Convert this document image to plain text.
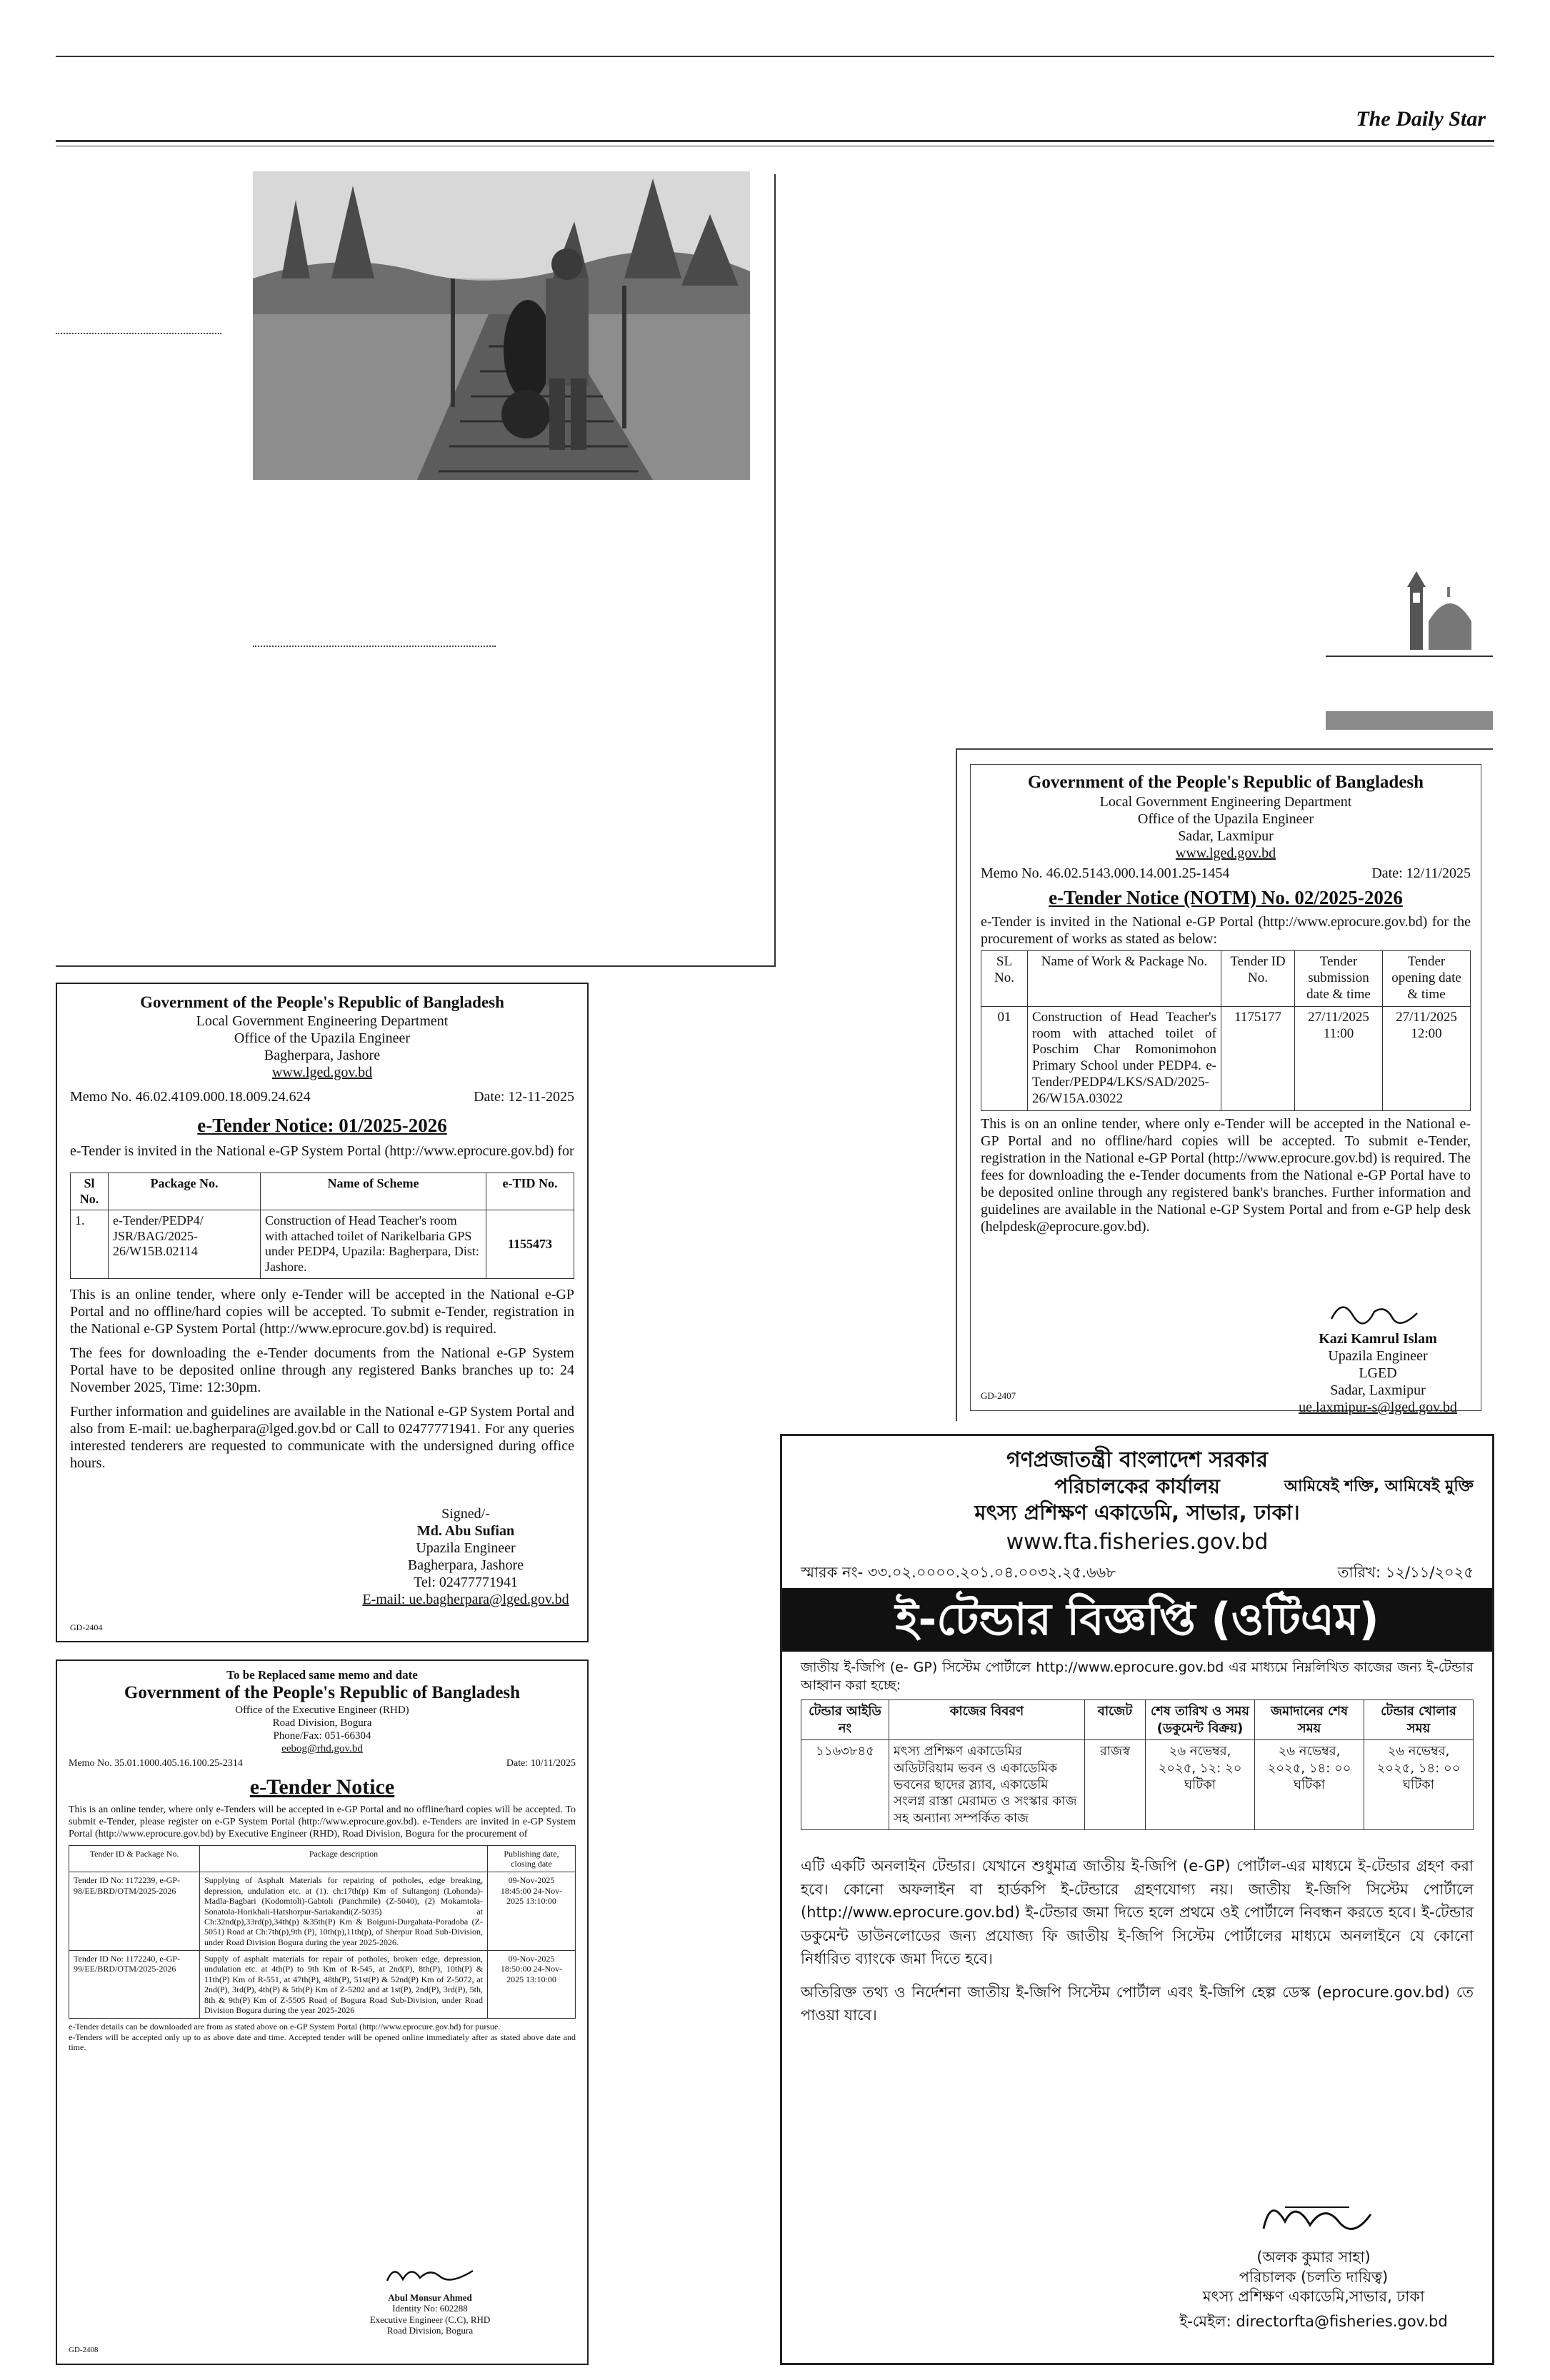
The Daily Star
Government of the People's Republic of Bangladesh
Local Government Engineering Department
Office of the Upazila Engineer
Sadar, Laxmipur
www.lged.gov.bd
Memo No. 46.02.5143.000.14.001.25-1454	Date: 12/11/2025
e-Tender Notice (NOTM) No. 02/2025-2026

e-Tender is invited in the National e-GP Portal (http://www.eprocure.gov.bd) for the procurement of works as stated as below:

SL No.	Name of Work & Package No.	Tender ID No.	Tender submission date & time	Tender opening date & time
01	Construction of Head Teacher's room with attached toilet of Poschim Char Romonimohon Primary School under PEDP4. e-Tender/PEDP4/LKS/SAD/2025-26/W15A.03022	1175177	27/11/2025 11:00	27/11/2025 12:00

This is on an online tender, where only e-Tender will be accepted in the National e-GP Portal and no offline/hard copies will be accepted. To submit e-Tender, registration in the National e-GP Portal (http://www.eprocure.gov.bd) is required. The fees for downloading the e-Tender documents from the National e-GP Portal have to be deposited online through any registered bank's branches. Further information and guidelines are available in the National e-GP System Portal and from e-GP help desk (helpdesk@eprocure.gov.bd).

Kazi Kamrul Islam
Upazila Engineer
LGED
Sadar, Laxmipur
ue.laxmipur-s@lged.gov.bd
GD-2407
Government of the People's Republic of Bangladesh
Local Government Engineering Department
Office of the Upazila Engineer
Bagherpara, Jashore
www.lged.gov.bd
Memo No. 46.02.4109.000.18.009.24.624	Date: 12-11-2025
e-Tender Notice: 01/2025-2026

e-Tender is invited in the National e-GP System Portal (http://www.eprocure.gov.bd) for

Sl No.	Package No.	Name of Scheme	e-TID No.
1.	e-Tender/PEDP4/ JSR/BAG/2025-26/W15B.02114	Construction of Head Teacher's room with attached toilet of Narikelbaria GPS under PEDP4, Upazila: Bagherpara, Dist: Jashore.	1155473

This is an online tender, where only e-Tender will be accepted in the National e-GP Portal and no offline/hard copies will be accepted. To submit e-Tender, registration in the National e-GP System Portal (http://www.eprocure.gov.bd) is required.

The fees for downloading the e-Tender documents from the National e-GP System Portal have to be deposited online through any registered Banks branches up to: 24 November 2025, Time: 12:30pm.

Further information and guidelines are available in the National e-GP System Portal and also from E-mail: ue.bagherpara@lged.gov.bd or Call to 02477771941. For any queries interested tenderers are requested to communicate with the undersigned during office hours.

Signed/-
Md. Abu Sufian
Upazila Engineer
Bagherpara, Jashore
Tel: 02477771941
E-mail: ue.bagherpara@lged.gov.bd
GD-2404
To be Replaced same memo and date
Government of the People's Republic of Bangladesh
Office of the Executive Engineer (RHD)
Road Division, Bogura
Phone/Fax: 051-66304
eebog@rhd.gov.bd
Memo No. 35.01.1000.405.16.100.25-2314	Date: 10/11/2025
e-Tender Notice

This is an online tender, where only e-Tenders will be accepted in e-GP Portal and no offline/hard copies will be accepted. To submit e-Tender, please register on e-GP System Portal (http://www.eprocure.gov.bd). e-Tenders are invited in e-GP System Portal (http://www.eprocure.gov.bd) by Executive Engineer (RHD), Road Division, Bogura for the procurement of

Tender ID & Package No.	Package description	Publishing date, closing date
Tender ID No: 1172239, e-GP-98/EE/BRD/OTM/2025-2026	Supplying of Asphalt Materials for repairing of potholes, edge breaking, depression, undulation etc. at (1). ch:17th(p) Km of Sultangonj (Lohonda)-Madla-Bagbari (Kodomtoli)-Gabtoli (Panchmile) (Z-5040), (2) Mokamtola-Sonatola-Horikhali-Hatshorpur-Sariakandi(Z-5035) at Ch:32nd(p),33rd(p),34th(p) &35th(P) Km & Boiguni-Durgahata-Poradoba (Z-5051) Road at Ch:7th(p),9th (P), 10th(p),11th(p), of Sherpur Road Sub-Division, under Road Division Bogura during the year 2025-2026.	09-Nov-2025 18:45:00 24-Nov-2025 13:10:00
Tender ID No: 1172240, e-GP-99/EE/BRD/OTM/2025-2026	Supply of asphalt materials for repair of potholes, broken edge, depression, undulation etc. at 4th(P) to 9th Km of R-545, at 2nd(P), 8th(P), 10th(P) & 11th(P) Km of R-551, at 47th(P), 48th(P), 51st(P) & 52nd(P) Km of Z-5072, at 2nd(P), 3rd(P), 4th(P) & 5th(P) Km of Z-5202 and at 1st(P), 2nd(P), 3rd(P), 5th, 8th & 9th(P) Km of Z-5505 Road of Bogura Road Sub-Division, under Road Division Bogura during the year 2025-2026	09-Nov-2025 18:50:00 24-Nov-2025 13:10:00

e-Tender details can be downloaded are from as stated above on e-GP System Portal (http://www.eprocure.gov.bd) for pursue.

e-Tenders will be accepted only up to as above date and time. Accepted tender will be opened online immediately after as stated above date and time.

Abul Monsur Ahmed
Identity No: 602288
Executive Engineer (C.C), RHD
Road Division, Bogura
GD-2408
গণপ্রজাতন্ত্রী বাংলাদেশ সরকার
পরিচালকের কার্যালয়	আমিষেই শক্তি, আমিষেই মুক্তি
মৎস্য প্রশিক্ষণ একাডেমি, সাভার, ঢাকা।
www.fta.fisheries.gov.bd
স্মারক নং- ৩৩.০২.০০০০.২০১.০৪.০০৩২.২৫.৬৬৮	তারিখ: ১২/১১/২০২৫
ই-টেন্ডার বিজ্ঞপ্তি (ওটিএম)

জাতীয় ই-জিপি (e- GP) সিস্টেম পোর্টালে http://www.eprocure.gov.bd এর মাধ্যমে নিম্নলিখিত কাজের জন্য ই-টেন্ডার আহ্বান করা হচ্ছে:

টেন্ডার আইডি নং	কাজের বিবরণ	বাজেট	শেষ তারিখ ও সময় (ডকুমেন্ট বিক্রয়)	জমাদানের শেষ সময়	টেন্ডার খোলার সময়
১১৬৩৮৪৫	মৎস্য প্রশিক্ষণ একাডেমির অডিটরিয়াম ভবন ও একাডেমিক ভবনের ছাদের স্ল্যাব, একাডেমি সংলগ্ন রাস্তা মেরামত ও সংস্কার কাজ সহ অন্যান্য সম্পর্কিত কাজ	রাজস্ব	২৬ নভেম্বর, ২০২৫, ১২: ২০ ঘটিকা	২৬ নভেম্বর, ২০২৫, ১৪: ০০ ঘটিকা	২৬ নভেম্বর, ২০২৫, ১৪: ০০ ঘটিকা

এটি একটি অনলাইন টেন্ডার। যেখানে শুধুমাত্র জাতীয় ই-জিপি (e-GP) পোর্টাল-এর মাধ্যমে ই-টেন্ডার গ্রহণ করা হবে। কোনো অফলাইন বা হার্ডকপি ই-টেন্ডারে গ্রহণযোগ্য নয়। জাতীয় ই-জিপি সিস্টেম পোর্টালে (http://www.eprocure.gov.bd) ই-টেন্ডার জমা দিতে হলে প্রথমে ওই পোর্টালে নিবন্ধন করতে হবে। ই-টেন্ডার ডকুমেন্ট ডাউনলোডের জন্য প্রযোজ্য ফি জাতীয় ই-জিপি সিস্টেম পোর্টালের মাধ্যমে অনলাইনে যে কোনো নির্ধারিত ব্যাংকে জমা দিতে হবে।

অতিরিক্ত তথ্য ও নির্দেশনা জাতীয় ই-জিপি সিস্টেম পোর্টাল এবং ই-জিপি হেল্প ডেস্ক (eprocure.gov.bd) তে পাওয়া যাবে।

(অলক কুমার সাহা)
পরিচালক (চলতি দায়িত্ব)
মৎস্য প্রশিক্ষণ একাডেমি,সাভার, ঢাকা
ই-মেইল: directorfta@fisheries.gov.bd
